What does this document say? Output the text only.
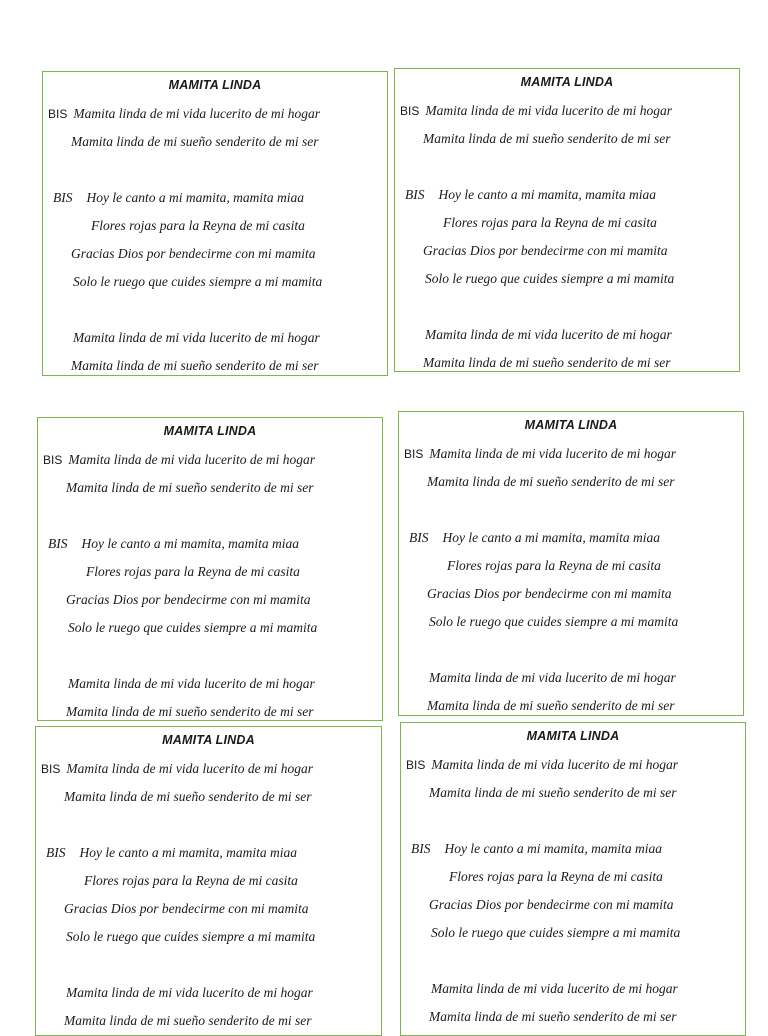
MAMITA LINDA
BIS Mamita linda de mi vida lucerito de mi hogar
Mamita linda de mi sueño senderito de mi ser
BIS Hoy le canto a mi mamita, mamita miaa
Flores rojas para la Reyna de mi casita
Gracias Dios por bendecirme con mi mamita
Solo le ruego que cuides siempre a mi mamita
Mamita linda de mi vida lucerito de mi hogar
Mamita linda de mi sueño senderito de mi ser
MAMITA LINDA
BIS Mamita linda de mi vida lucerito de mi hogar
Mamita linda de mi sueño senderito de mi ser
BIS Hoy le canto a mi mamita, mamita miaa
Flores rojas para la Reyna de mi casita
Gracias Dios por bendecirme con mi mamita
Solo le ruego que cuides siempre a mi mamita
Mamita linda de mi vida lucerito de mi hogar
Mamita linda de mi sueño senderito de mi ser
MAMITA LINDA
BIS Mamita linda de mi vida lucerito de mi hogar
Mamita linda de mi sueño senderito de mi ser
BIS Hoy le canto a mi mamita, mamita miaa
Flores rojas para la Reyna de mi casita
Gracias Dios por bendecirme con mi mamita
Solo le ruego que cuides siempre a mi mamita
Mamita linda de mi vida lucerito de mi hogar
Mamita linda de mi sueño senderito de mi ser
MAMITA LINDA
BIS Mamita linda de mi vida lucerito de mi hogar
Mamita linda de mi sueño senderito de mi ser
BIS Hoy le canto a mi mamita, mamita miaa
Flores rojas para la Reyna de mi casita
Gracias Dios por bendecirme con mi mamita
Solo le ruego que cuides siempre a mi mamita
Mamita linda de mi vida lucerito de mi hogar
Mamita linda de mi sueño senderito de mi ser
MAMITA LINDA
BIS Mamita linda de mi vida lucerito de mi hogar
Mamita linda de mi sueño senderito de mi ser
BIS Hoy le canto a mi mamita, mamita miaa
Flores rojas para la Reyna de mi casita
Gracias Dios por bendecirme con mi mamita
Solo le ruego que cuides siempre a mi mamita
Mamita linda de mi vida lucerito de mi hogar
Mamita linda de mi sueño senderito de mi ser
MAMITA LINDA
BIS Mamita linda de mi vida lucerito de mi hogar
Mamita linda de mi sueño senderito de mi ser
BIS Hoy le canto a mi mamita, mamita miaa
Flores rojas para la Reyna de mi casita
Gracias Dios por bendecirme con mi mamita
Solo le ruego que cuides siempre a mi mamita
Mamita linda de mi vida lucerito de mi hogar
Mamita linda de mi sueño senderito de mi ser
